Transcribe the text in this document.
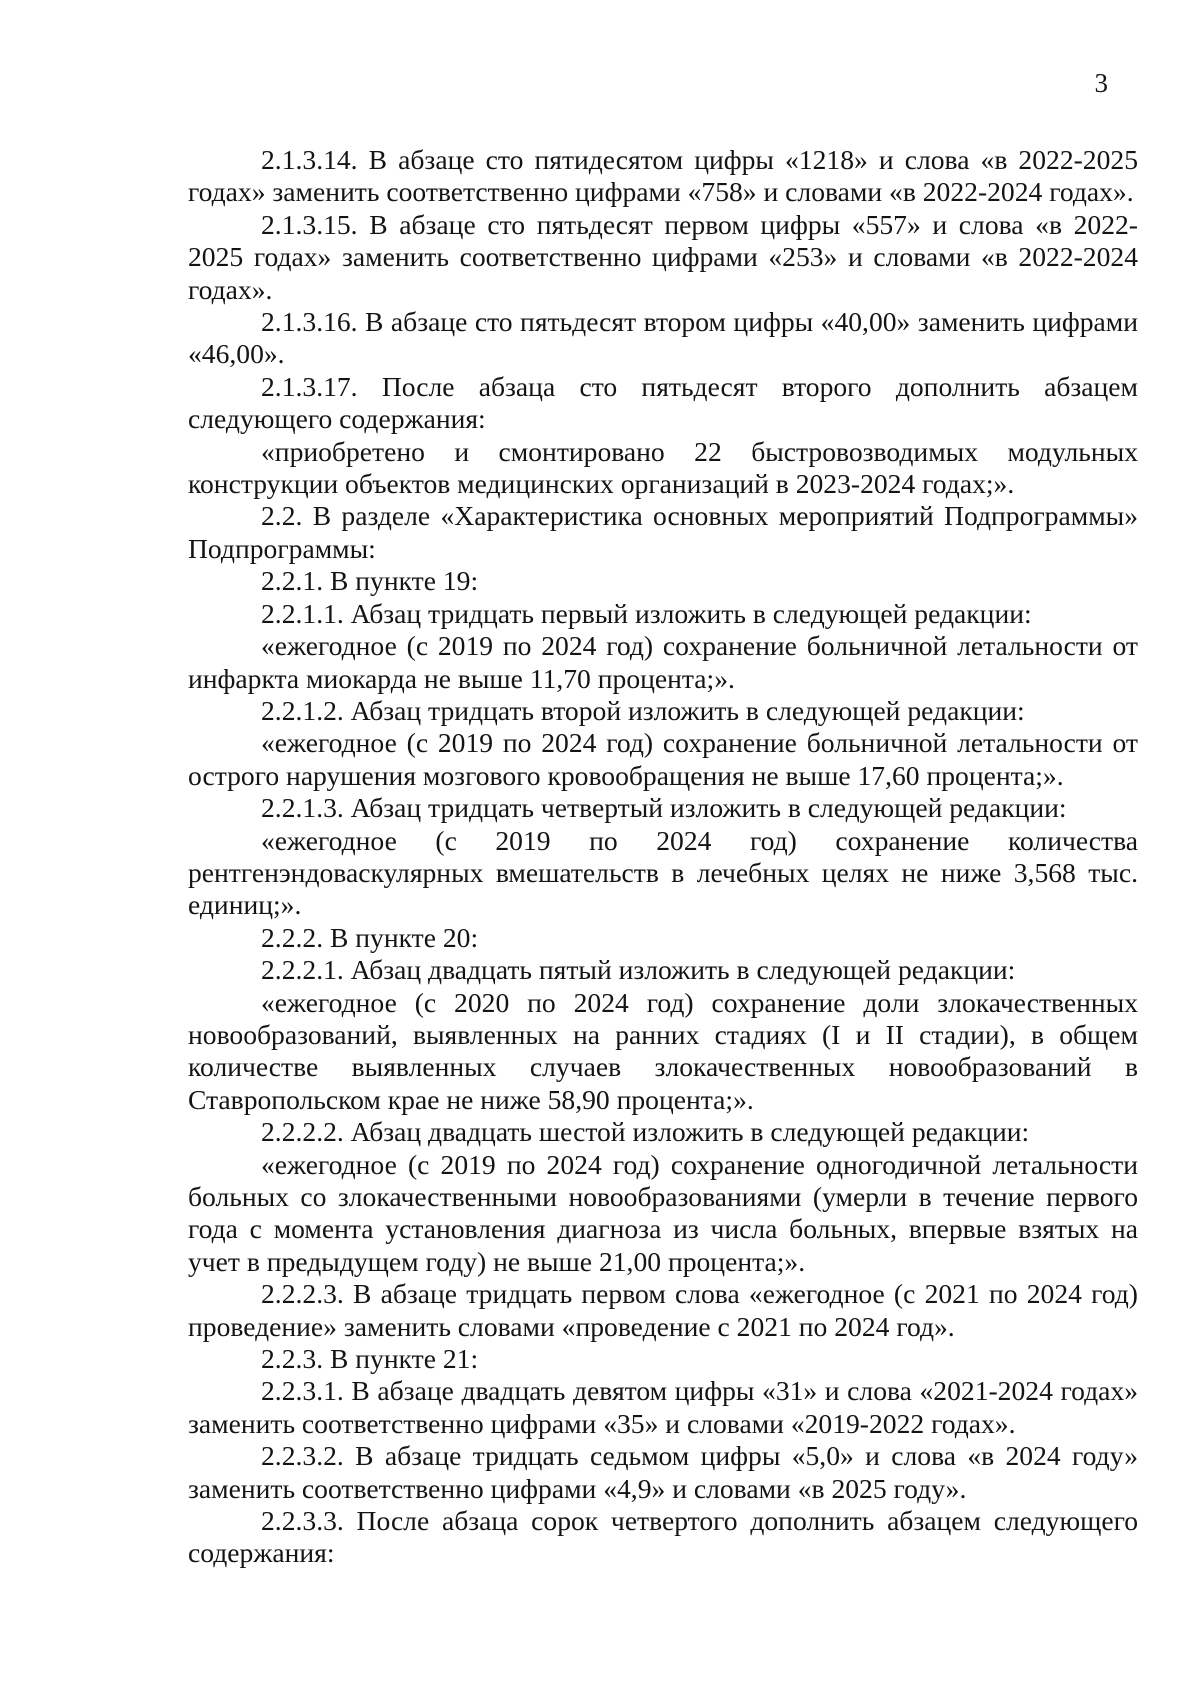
3

2.1.3.14. В абзаце сто пятидесятом цифры «1218» и слова «в 2022-2025 годах» заменить соответственно цифрами «758» и словами «в 2022-2024 годах».

2.1.3.15. В абзаце сто пятьдесят первом цифры «557» и слова «в 2022-2025 годах» заменить соответственно цифрами «253» и словами «в 2022-2024 годах».

2.1.3.16. В абзаце сто пятьдесят втором цифры «40,00» заменить цифрами «46,00».

2.1.3.17. После абзаца сто пятьдесят второго дополнить абзацем следующего содержания:

«приобретено и смонтировано 22 быстровозводимых модульных конструкции объектов медицинских организаций в 2023-2024 годах;».

2.2. В разделе «Характеристика основных мероприятий Подпрограммы» Подпрограммы:

2.2.1. В пункте 19:

2.2.1.1. Абзац тридцать первый изложить в следующей редакции:

«ежегодное (с 2019 по 2024 год) сохранение больничной летальности от инфаркта миокарда не выше 11,70 процента;».

2.2.1.2. Абзац тридцать второй изложить в следующей редакции:

«ежегодное (с 2019 по 2024 год) сохранение больничной летальности от острого нарушения мозгового кровообращения не выше 17,60 процента;».

2.2.1.3. Абзац тридцать четвертый изложить в следующей редакции:

«ежегодное (с 2019 по 2024 год) сохранение количества рентгенэндоваскулярных вмешательств в лечебных целях не ниже 3,568 тыс. единиц;».

2.2.2. В пункте 20:

2.2.2.1. Абзац двадцать пятый изложить в следующей редакции:

«ежегодное (с 2020 по 2024 год) сохранение доли злокачественных новообразований, выявленных на ранних стадиях (I и II стадии), в общем количестве выявленных случаев злокачественных новообразований в Ставропольском крае не ниже 58,90 процента;».

2.2.2.2. Абзац двадцать шестой изложить в следующей редакции:

«ежегодное (с 2019 по 2024 год) сохранение одногодичной летальности больных со злокачественными новообразованиями (умерли в течение первого года с момента установления диагноза из числа больных, впервые взятых на учет в предыдущем году) не выше 21,00 процента;».

2.2.2.3. В абзаце тридцать первом слова «ежегодное (с 2021 по 2024 год) проведение» заменить словами «проведение с 2021 по 2024 год».

2.2.3. В пункте 21:

2.2.3.1. В абзаце двадцать девятом цифры «31» и слова «2021-2024 годах» заменить соответственно цифрами «35» и словами «2019-2022 годах».

2.2.3.2. В абзаце тридцать седьмом цифры «5,0» и слова «в 2024 году» заменить соответственно цифрами «4,9» и словами «в 2025 году».

2.2.3.3. После абзаца сорок четвертого дополнить абзацем следующего содержания:
